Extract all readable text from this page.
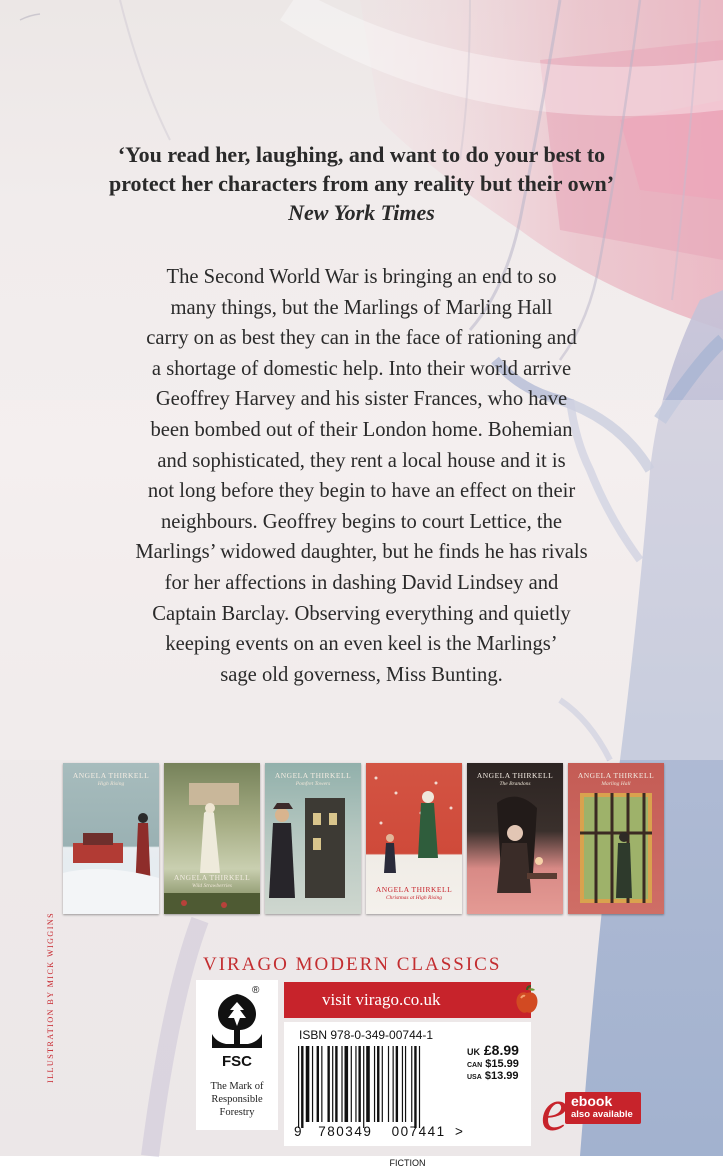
‘You read her, laughing, and want to do your best to
protect her characters from any reality but their own’
New York Times

The Second World War is bringing an end to so

many things, but the Marlings of Marling Hall

carry on as best they can in the face of rationing and

a shortage of domestic help. Into their world arrive

Geoffrey Harvey and his sister Frances, who have

been bombed out of their London home. Bohemian

and sophisticated, they rent a local house and it is

not long before they begin to have an effect on their

neighbours. Geoffrey begins to court Lettice, the

Marlings’ widowed daughter, but he finds he has rivals

for her affections in dashing David Lindsey and

Captain Barclay. Observing everything and quietly

keeping events on an even keel is the Marlings’

sage old governess, Miss Bunting.

ANGELA THIRKELL
High Rising
ANGELA THIRKELL
Wild Strawberries
ANGELA THIRKELL
Pomfret Towers
ANGELA THIRKELL
Christmas at High Rising
ANGELA THIRKELL
The Brandons
ANGELA THIRKELL
Marling Hall
VIRAGO MODERN CLASSICS
®
FSC
The Mark of
Responsible
Forestry
visit virago.co.uk
ISBN 978-0-349-00744-1
9 780349 007441 >
UK £8.99
CAN $15.99
USA $13.99
FICTION
ebook
also available
e
ILLUSTRATION BY MICK WIGGINS
